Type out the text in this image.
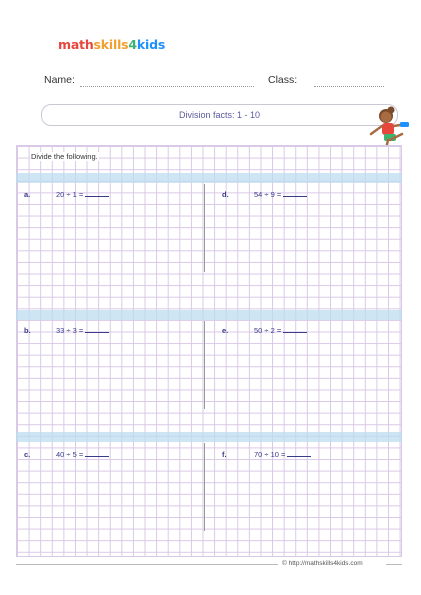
mathskills4kids
Name:	Class:
Division facts: 1 - 10
Divide the following.
a.	20 ÷ 1 =	d.	54 ÷ 9 =
b.	33 ÷ 3 =	e.	50 ÷ 2 =
c.	40 ÷ 5 =	f.	70 ÷ 10 =
© http://mathskills4kids.com
